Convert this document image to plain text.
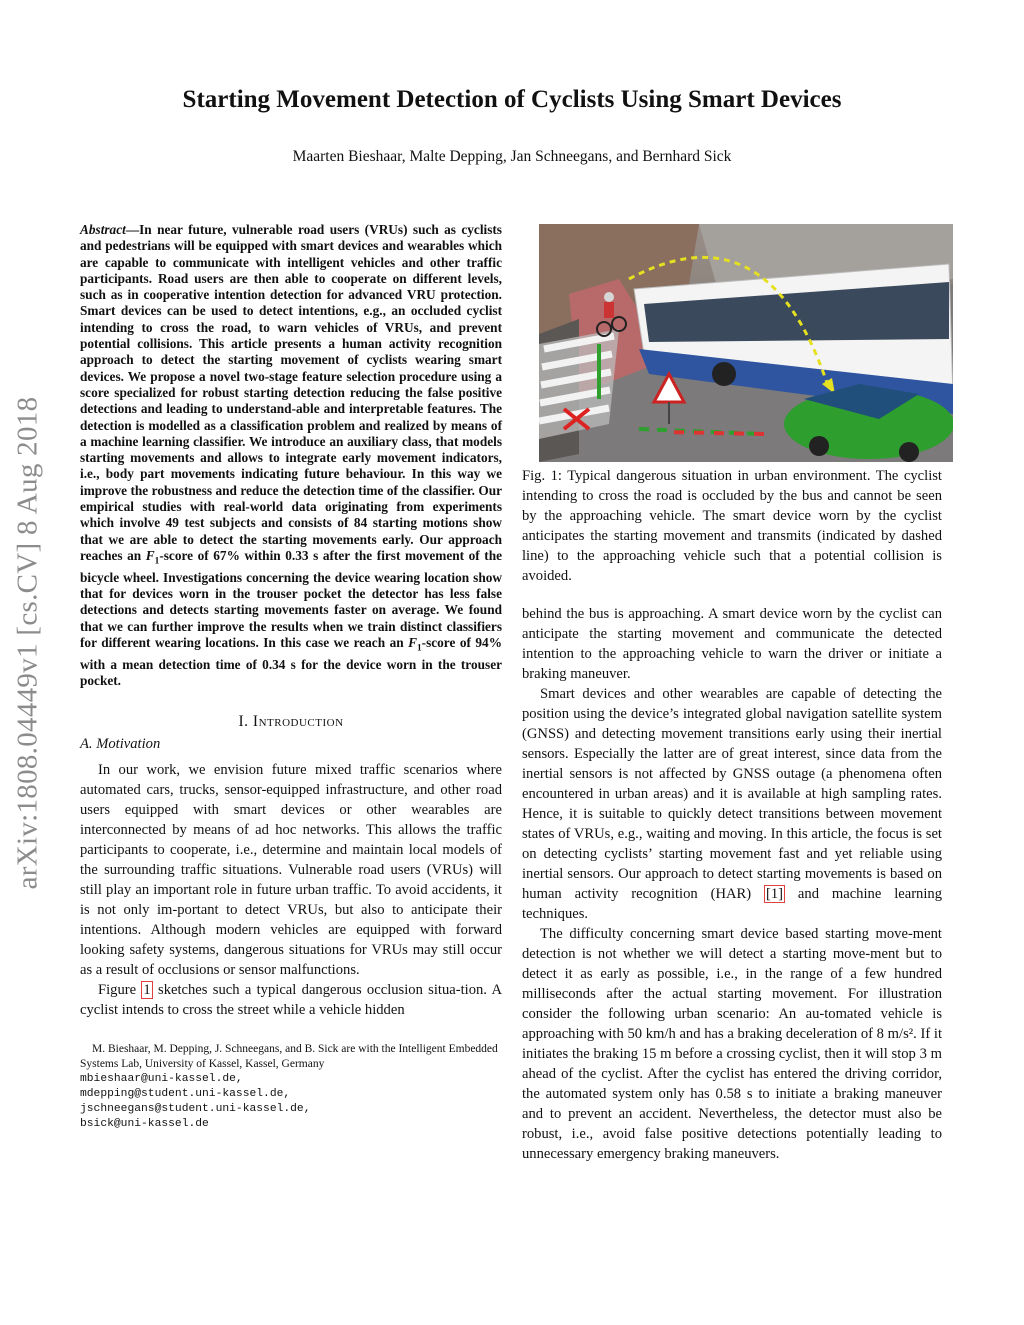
Starting Movement Detection of Cyclists Using Smart Devices
Maarten Bieshaar, Malte Depping, Jan Schneegans, and Bernhard Sick
arXiv:1808.04449v1 [cs.CV] 8 Aug 2018

Abstract—In near future, vulnerable road users (VRUs) such as cyclists and pedestrians will be equipped with smart devices and wearables which are capable to communicate with intelligent vehicles and other traffic participants. Road users are then able to cooperate on different levels, such as in cooperative intention detection for advanced VRU protection. Smart devices can be used to detect intentions, e.g., an occluded cyclist intending to cross the road, to warn vehicles of VRUs, and prevent potential collisions. This article presents a human activity recognition approach to detect the starting movement of cyclists wearing smart devices. We propose a novel two-stage feature selection procedure using a score specialized for robust starting detection reducing the false positive detections and leading to understand-able and interpretable features. The detection is modelled as a classification problem and realized by means of a machine learning classifier. We introduce an auxiliary class, that models starting movements and allows to integrate early movement indicators, i.e., body part movements indicating future behaviour. In this way we improve the robustness and reduce the detection time of the classifier. Our empirical studies with real-world data originating from experiments which involve 49 test subjects and consists of 84 starting motions show that we are able to detect the starting movements early. Our approach reaches an $F_1$-score of 67% within 0.33 s after the first movement of the bicycle wheel. Investigations concerning the device wearing location show that for devices worn in the trouser pocket the detector has less false detections and detects starting movements faster on average. We found that we can further improve the results when we train distinct classifiers for different wearing locations. In this case we reach an $F_1$-score of 94% with a mean detection time of 0.34 s for the device worn in the trouser pocket.

I. Introduction
A. Motivation

In our work, we envision future mixed traffic scenarios where automated cars, trucks, sensor-equipped infrastructure, and other road users equipped with smart devices or other wearables are interconnected by means of ad hoc networks. This allows the traffic participants to cooperate, i.e., determine and maintain local models of the surrounding traffic situations. Vulnerable road users (VRUs) will still play an important role in future urban traffic. To avoid accidents, it is not only im-portant to detect VRUs, but also to anticipate their intentions. Although modern vehicles are equipped with forward looking safety systems, dangerous situations for VRUs may still occur as a result of occlusions or sensor malfunctions.

Figure 1 sketches such a typical dangerous occlusion situa-tion. A cyclist intends to cross the street while a vehicle hidden

M. Bieshaar, M. Depping, J. Schneegans, and B. Sick are with the Intelligent Embedded Systems Lab, University of Kassel, Kassel, Germany
mbieshaar@uni-kassel.de,
mdepping@student.uni-kassel.de,
jschneegans@student.uni-kassel.de,
bsick@uni-kassel.de

Fig. 1: Typical dangerous situation in urban environment. The cyclist intending to cross the road is occluded by the bus and cannot be seen by the approaching vehicle. The smart device worn by the cyclist anticipates the starting movement and transmits (indicated by dashed line) to the approaching vehicle such that a potential collision is avoided.

behind the bus is approaching. A smart device worn by the cyclist can anticipate the starting movement and communicate the detected intention to the approaching vehicle to warn the driver or initiate a braking maneuver.

Smart devices and other wearables are capable of detecting the position using the device’s integrated global navigation satellite system (GNSS) and detecting movement transitions early using their inertial sensors. Especially the latter are of great interest, since data from the inertial sensors is not affected by GNSS outage (a phenomena often encountered in urban areas) and it is available at high sampling rates. Hence, it is suitable to quickly detect transitions between movement states of VRUs, e.g., waiting and moving. In this article, the focus is set on detecting cyclists’ starting movement fast and yet reliable using inertial sensors. Our approach to detect starting movements is based on human activity recognition (HAR) [1] and machine learning techniques.

The difficulty concerning smart device based starting move-ment detection is not whether we will detect a starting move-ment but to detect it as early as possible, i.e., in the range of a few hundred milliseconds after the actual starting movement. For illustration consider the following urban scenario: An au-tomated vehicle is approaching with 50 km/h and has a braking deceleration of 8 m/s². If it initiates the braking 15 m before a crossing cyclist, then it will stop 3 m ahead of the cyclist. After the cyclist has entered the driving corridor, the automated system only has 0.58 s to initiate a braking maneuver and to prevent an accident. Nevertheless, the detector must also be robust, i.e., avoid false positive detections potentially leading to unnecessary emergency braking maneuvers.
